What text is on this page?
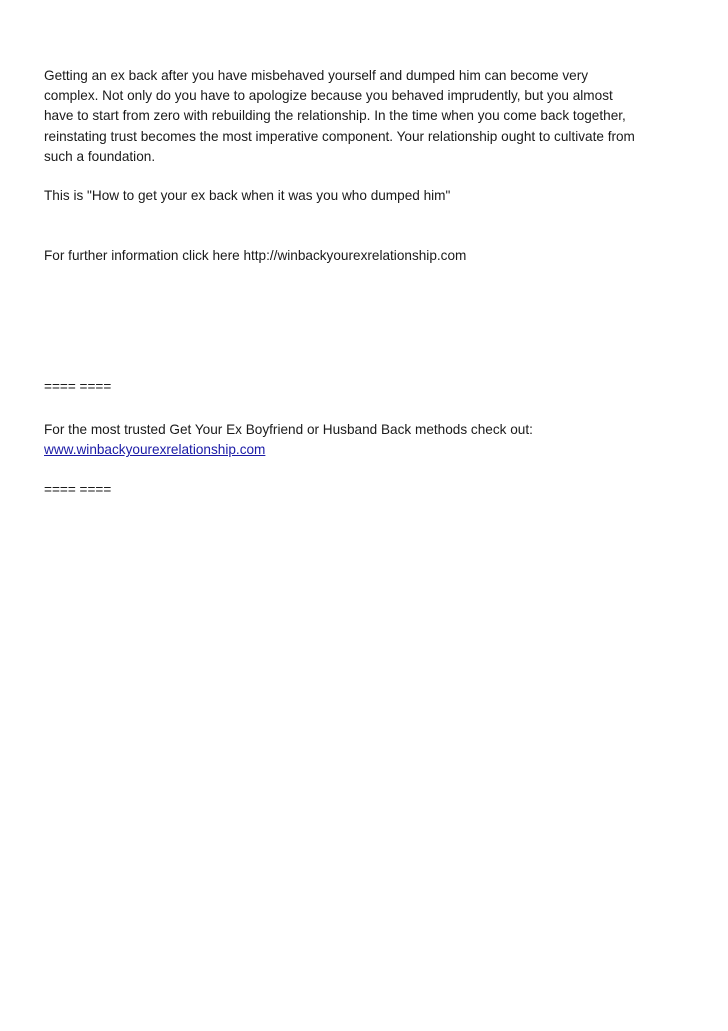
Getting an ex back after you have misbehaved yourself and dumped him can become very
complex. Not only do you have to apologize because you behaved imprudently, but you almost
have to start from zero with rebuilding the relationship. In the time when you come back together,
reinstating trust becomes the most imperative component. Your relationship ought to cultivate from
such a foundation.

This is "How to get your ex back when it was you who dumped him"

For further information click here http://winbackyourexrelationship.com

==== ====

For the most trusted Get Your Ex Boyfriend or Husband Back methods check out:
www.winbackyourexrelationship.com

==== ====
